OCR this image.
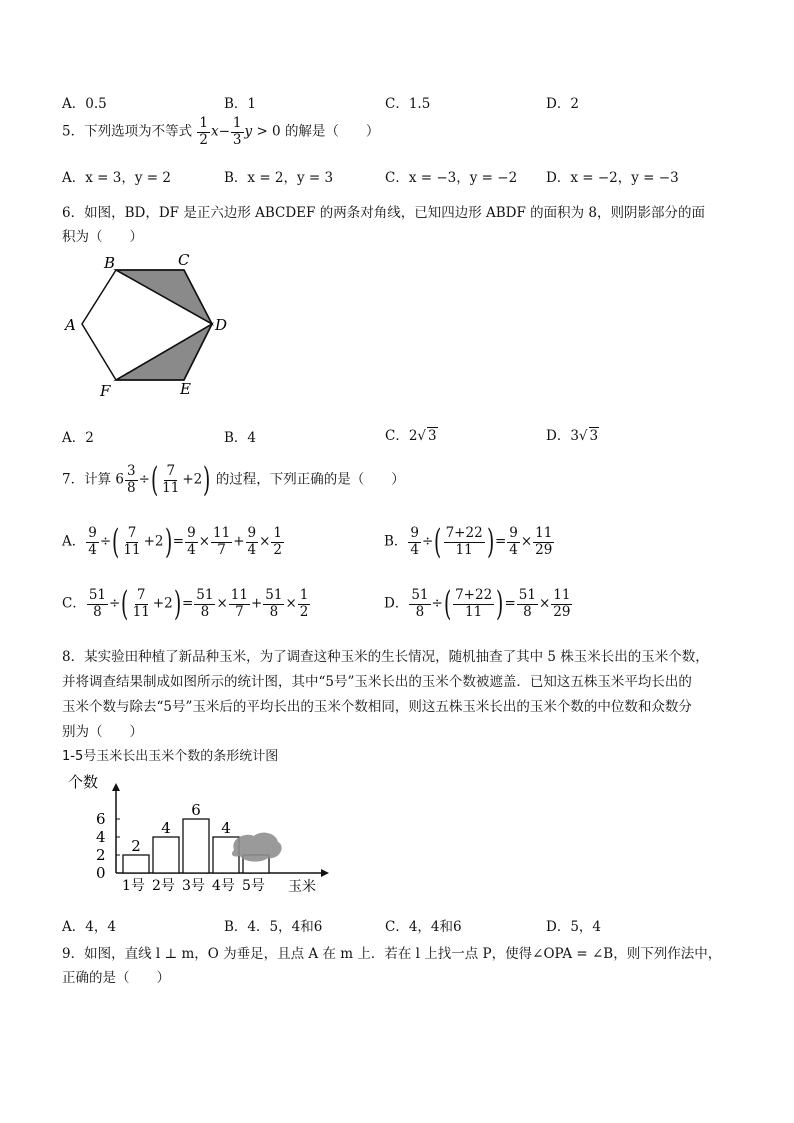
A．0.5	B．1	C．1.5	D．2
5．下列选项为不等式 $\frac{1}{2} x- \frac{1}{3}$ y > 0 的解是（　　）
A．x = 3，y = 2	B．x = 2，y = 3	C．x = −3，y = −2 D．x = −2，y = −3
6．如图，BD，DF 是正六边形 ABCDEF 的两条对角线，已知四边形 ABDF 的面积为 8，则阴影部分的面
积为（　　）
B	C
A	D
F	E
A．2	B．4	C．2√ 3	D．3√ 3
7．计算 $6 \frac{3}{8}$ ÷( $\frac{7}{11} +2$) 的过程，下列正确的是（　　）
A． $\frac{9}{4}$ ÷( $\frac{7}{11} +2)= \frac{9}{4} \times \frac{11}{7} + \frac{9}{4} \times \frac{1}{2}$	B． $\frac{9}{4}$ ÷( $\frac{7+22}{11}$ )= $\frac{9}{4} \times \frac{11}{29}$
C． $\frac{51}{8}$ ÷( $\frac{7}{11} +2)= \frac{51}{8} \times \frac{11}{7} + \frac{51}{8} \times \frac{1}{2}$	D． $\frac{51}{8}$ ÷( $\frac{7+22}{11}$ )= $\frac{51}{8} \times \frac{11}{29}$
8．某实验田种植了新品种玉米，为了调查这种玉米的生长情况，随机抽查了其中 5 株玉米长出的玉米个数，
并将调查结果制成如图所示的统计图，其中“5号”玉米长出的玉米个数被遮盖．已知这五株玉米平均长出的
玉米个数与除去“5号”玉米后的平均长出的玉米个数相同，则这五株玉米长出的玉米个数的中位数和众数分
别为（　　）
1-5号玉米长出玉米个数的条形统计图
个数
玉米
0
2
4
6
1号
2
2号
4
3号
6
4号
4
5号
A．4，4	B．4．5，4和6	C．4，4和6	D．5，4
9．如图，直线 l ⊥ m，O 为垂足，且点 A 在 m 上．若在 l 上找一点 P，使得∠OPA = ∠B，则下列作法中，
正确的是（　　）
